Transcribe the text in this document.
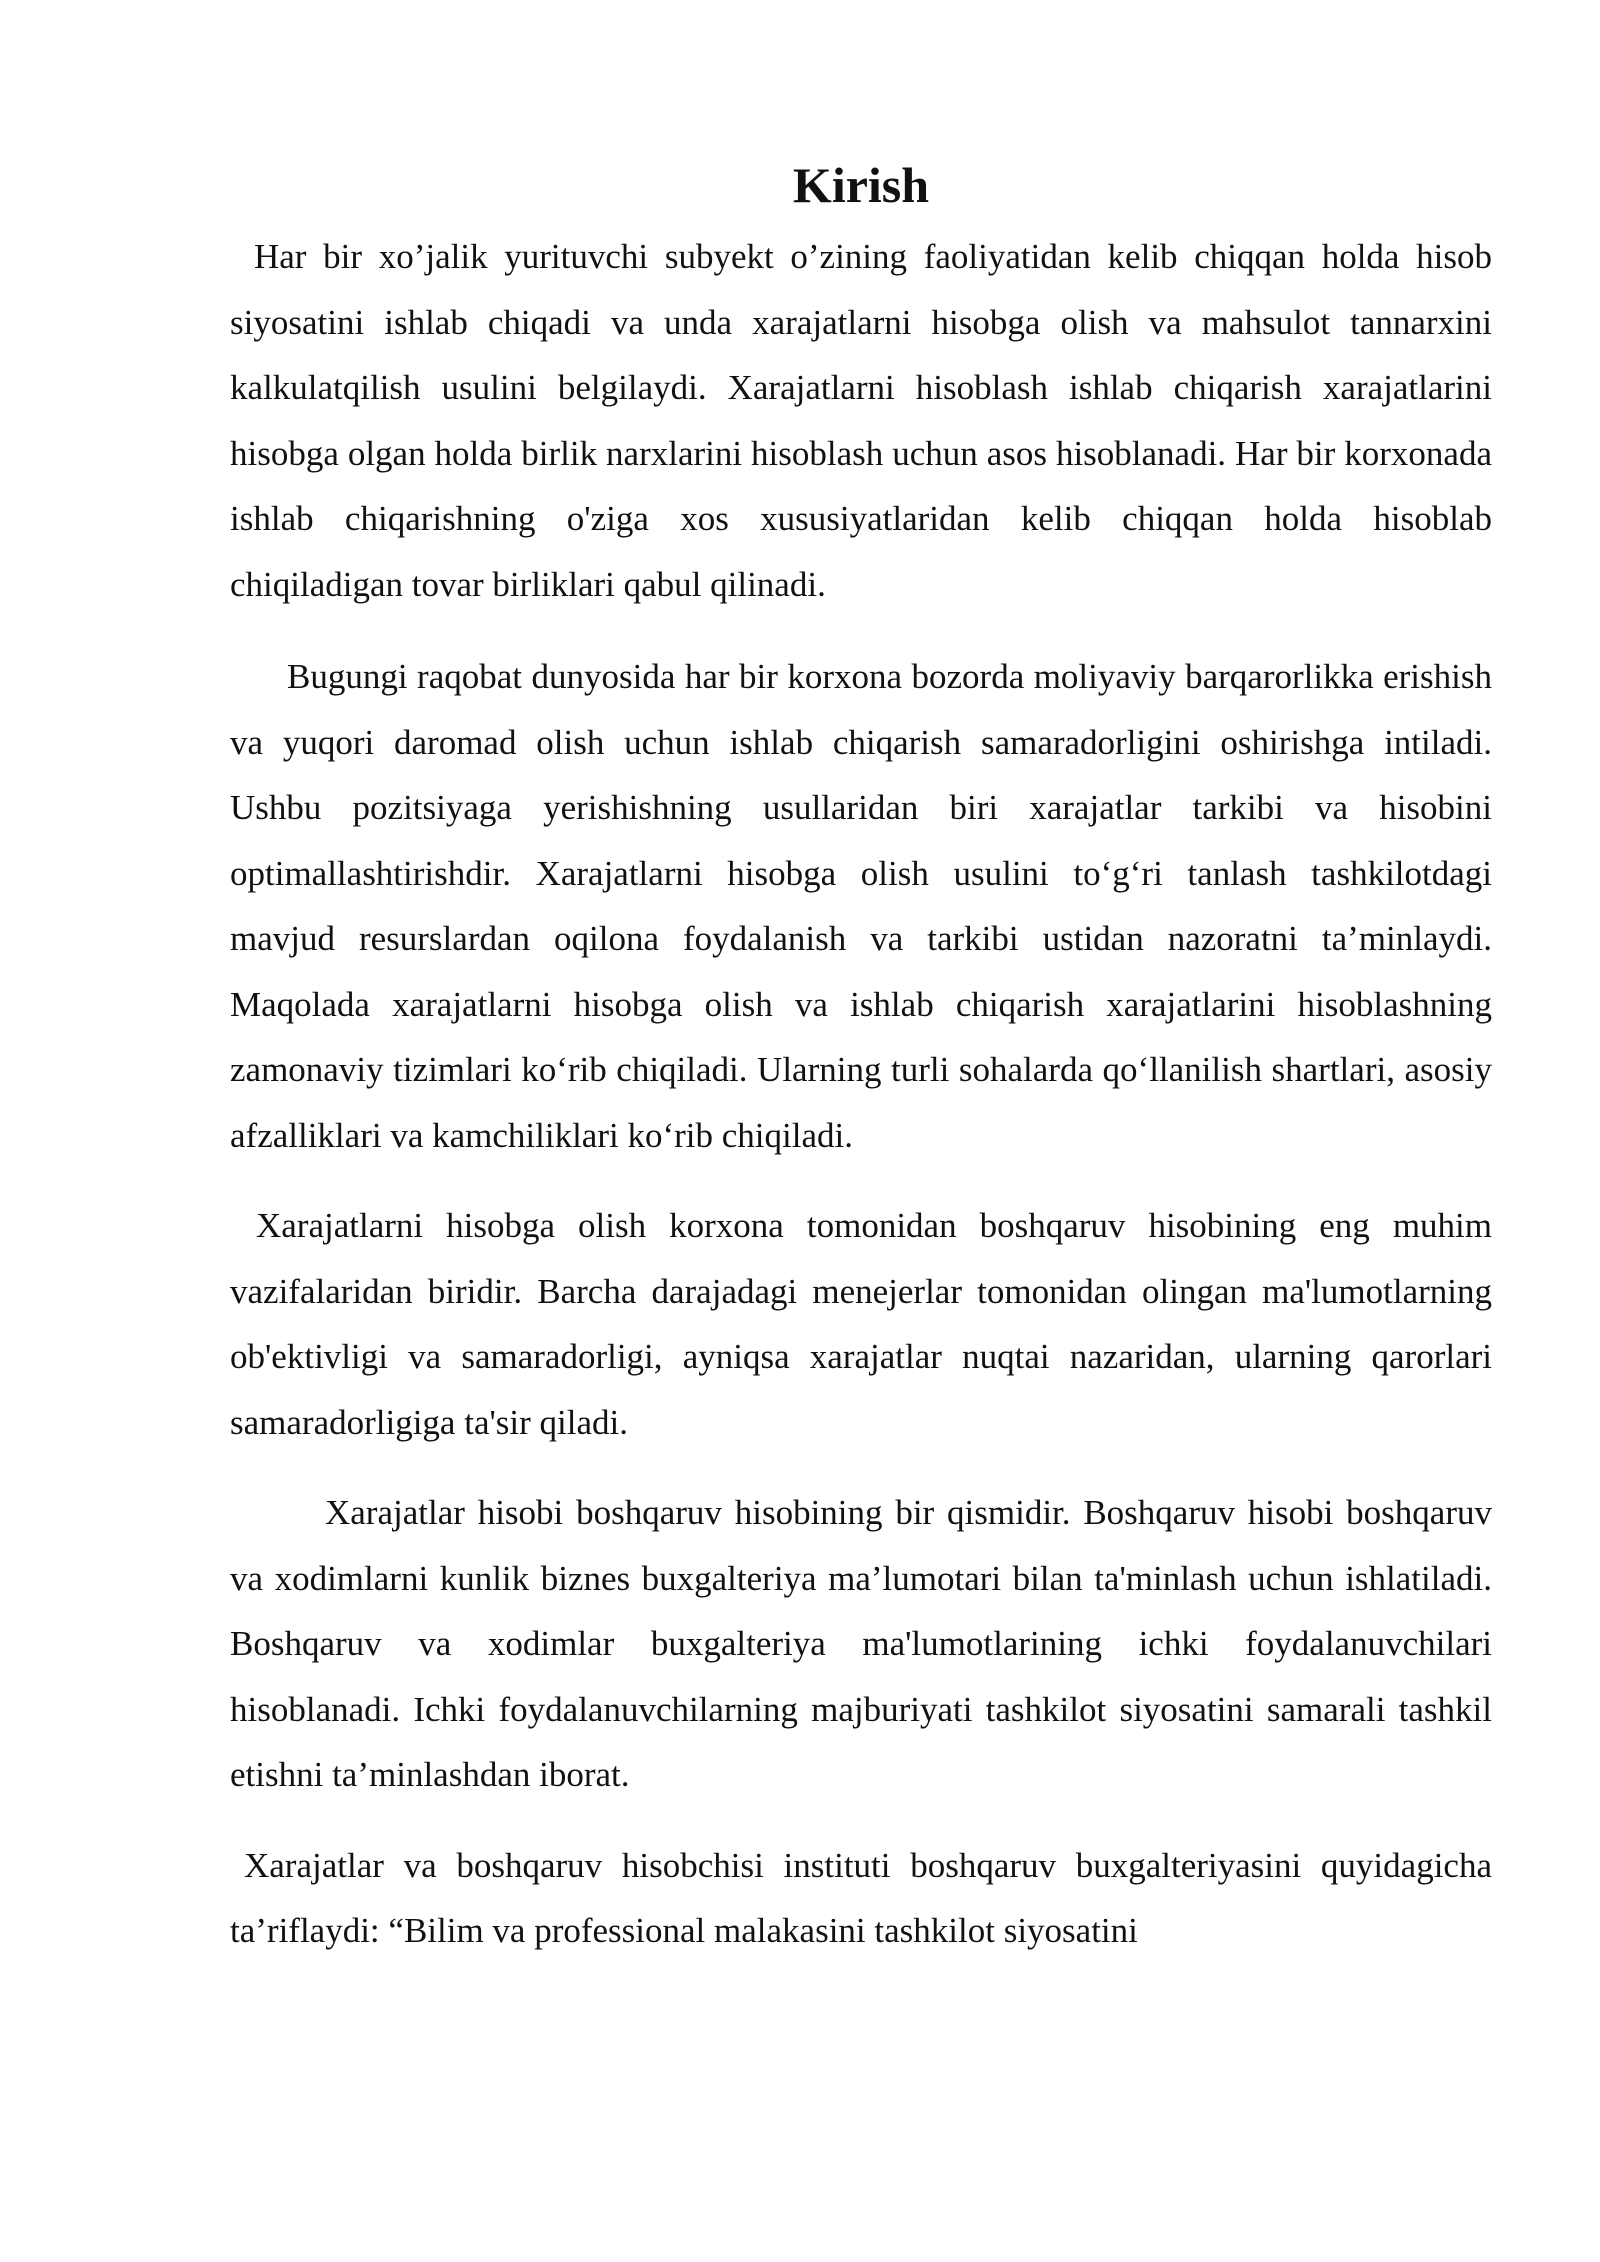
Kirish

Har bir xo’jalik yurituvchi subyekt o’zining faoliyatidan kelib chiqqan holda hisob siyosatini ishlab chiqadi va unda xarajatlarni hisobga olish va mahsulot tannarxini kalkulatqilish usulini belgilaydi. Xarajatlarni hisoblash ishlab chiqarish xarajatlarini hisobga olgan holda birlik narxlarini hisoblash uchun asos hisoblanadi. Har bir korxonada ishlab chiqarishning o'ziga xos xususiyatlaridan kelib chiqqan holda hisoblab chiqiladigan tovar birliklari qabul qilinadi.

Bugungi raqobat dunyosida har bir korxona bozorda moliyaviy barqarorlikka erishish va yuqori daromad olish uchun ishlab chiqarish samaradorligini oshirishga intiladi. Ushbu pozitsiyaga yerishishning usullaridan biri xarajatlar tarkibi va hisobini optimallashtirishdir. Xarajatlarni hisobga olish usulini to‘g‘ri tanlash tashkilotdagi mavjud resurslardan oqilona foydalanish va tarkibi ustidan nazoratni ta’minlaydi. Maqolada xarajatlarni hisobga olish va ishlab chiqarish xarajatlarini hisoblashning zamonaviy tizimlari ko‘rib chiqiladi. Ularning turli sohalarda qo‘llanilish shartlari, asosiy afzalliklari va kamchiliklari ko‘rib chiqiladi.

Xarajatlarni hisobga olish korxona tomonidan boshqaruv hisobining eng muhim vazifalaridan biridir. Barcha darajadagi menejerlar tomonidan olingan ma'lumotlarning ob'ektivligi va samaradorligi, ayniqsa xarajatlar nuqtai nazaridan, ularning qarorlari samaradorligiga ta'sir qiladi.

Xarajatlar hisobi boshqaruv hisobining bir qismidir. Boshqaruv hisobi boshqaruv va xodimlarni kunlik biznes buxgalteriya ma’lumotari bilan ta'minlash uchun ishlatiladi. Boshqaruv va xodimlar buxgalteriya ma'lumotlarining ichki foydalanuvchilari hisoblanadi. Ichki foydalanuvchilarning majburiyati tashkilot siyosatini samarali tashkil etishni ta’minlashdan iborat.

Xarajatlar va boshqaruv hisobchisi instituti boshqaruv buxgalteriyasini quyidagicha ta’riflaydi: “Bilim va professional malakasini tashkilot siyosatini
